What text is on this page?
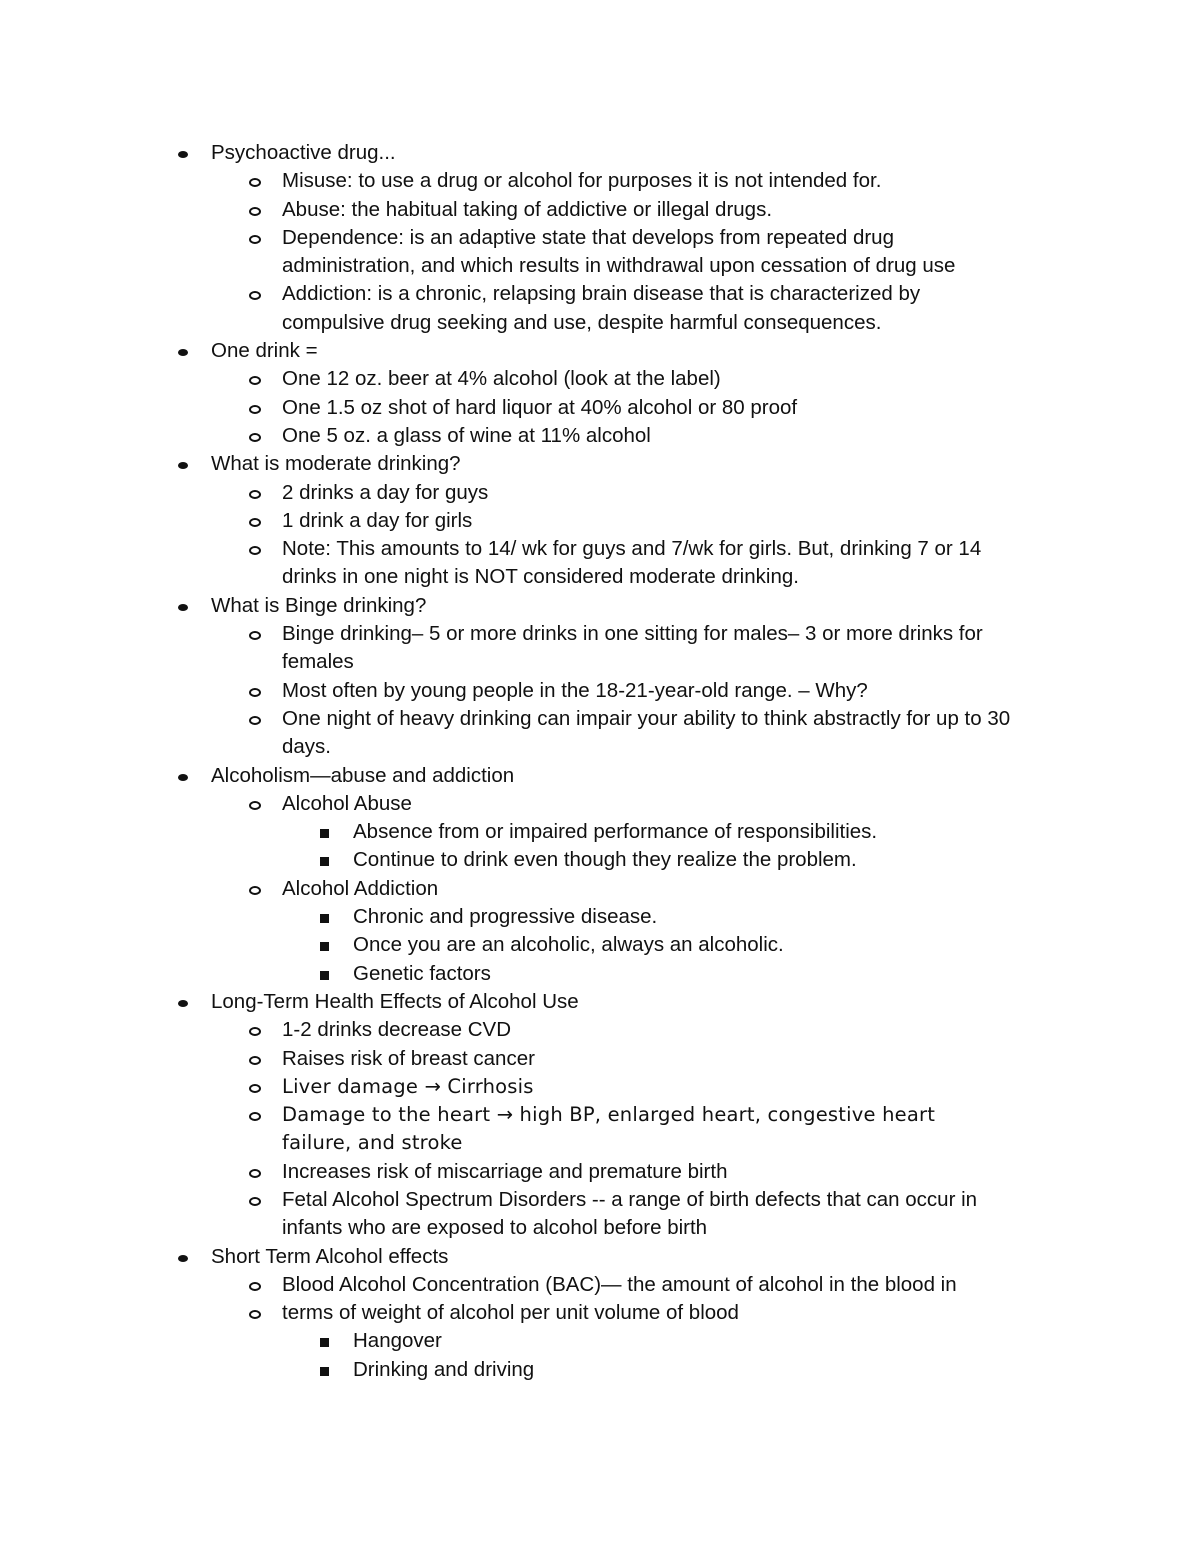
Psychoactive drug...
Misuse: to use a drug or alcohol for purposes it is not intended for.
Abuse: the habitual taking of addictive or illegal drugs.
Dependence: is an adaptive state that develops from repeated drug
administration, and which results in withdrawal upon cessation of drug use
Addiction: is a chronic, relapsing brain disease that is characterized by
compulsive drug seeking and use, despite harmful consequences.
One drink =
One 12 oz. beer at 4% alcohol (look at the label)
One 1.5 oz shot of hard liquor at 40% alcohol or 80 proof
One 5 oz. a glass of wine at 11% alcohol
What is moderate drinking?
2 drinks a day for guys
1 drink a day for girls
Note: This amounts to 14/ wk for guys and 7/wk for girls. But, drinking 7 or 14
drinks in one night is NOT considered moderate drinking.
What is Binge drinking?
Binge drinking– 5 or more drinks in one sitting for males– 3 or more drinks for
females
Most often by young people in the 18-21-year-old range. – Why?
One night of heavy drinking can impair your ability to think abstractly for up to 30
days.
Alcoholism—abuse and addiction
Alcohol Abuse
Absence from or impaired performance of responsibilities.
Continue to drink even though they realize the problem.
Alcohol Addiction
Chronic and progressive disease.
Once you are an alcoholic, always an alcoholic.
Genetic factors
Long-Term Health Effects of Alcohol Use
1-2 drinks decrease CVD
Raises risk of breast cancer
Liver damage → Cirrhosis
Damage to the heart → high BP, enlarged heart, congestive heart
failure, and stroke
Increases risk of miscarriage and premature birth
Fetal Alcohol Spectrum Disorders -- a range of birth defects that can occur in
infants who are exposed to alcohol before birth
Short Term Alcohol effects
Blood Alcohol Concentration (BAC)— the amount of alcohol in the blood in
terms of weight of alcohol per unit volume of blood
Hangover
Drinking and driving
